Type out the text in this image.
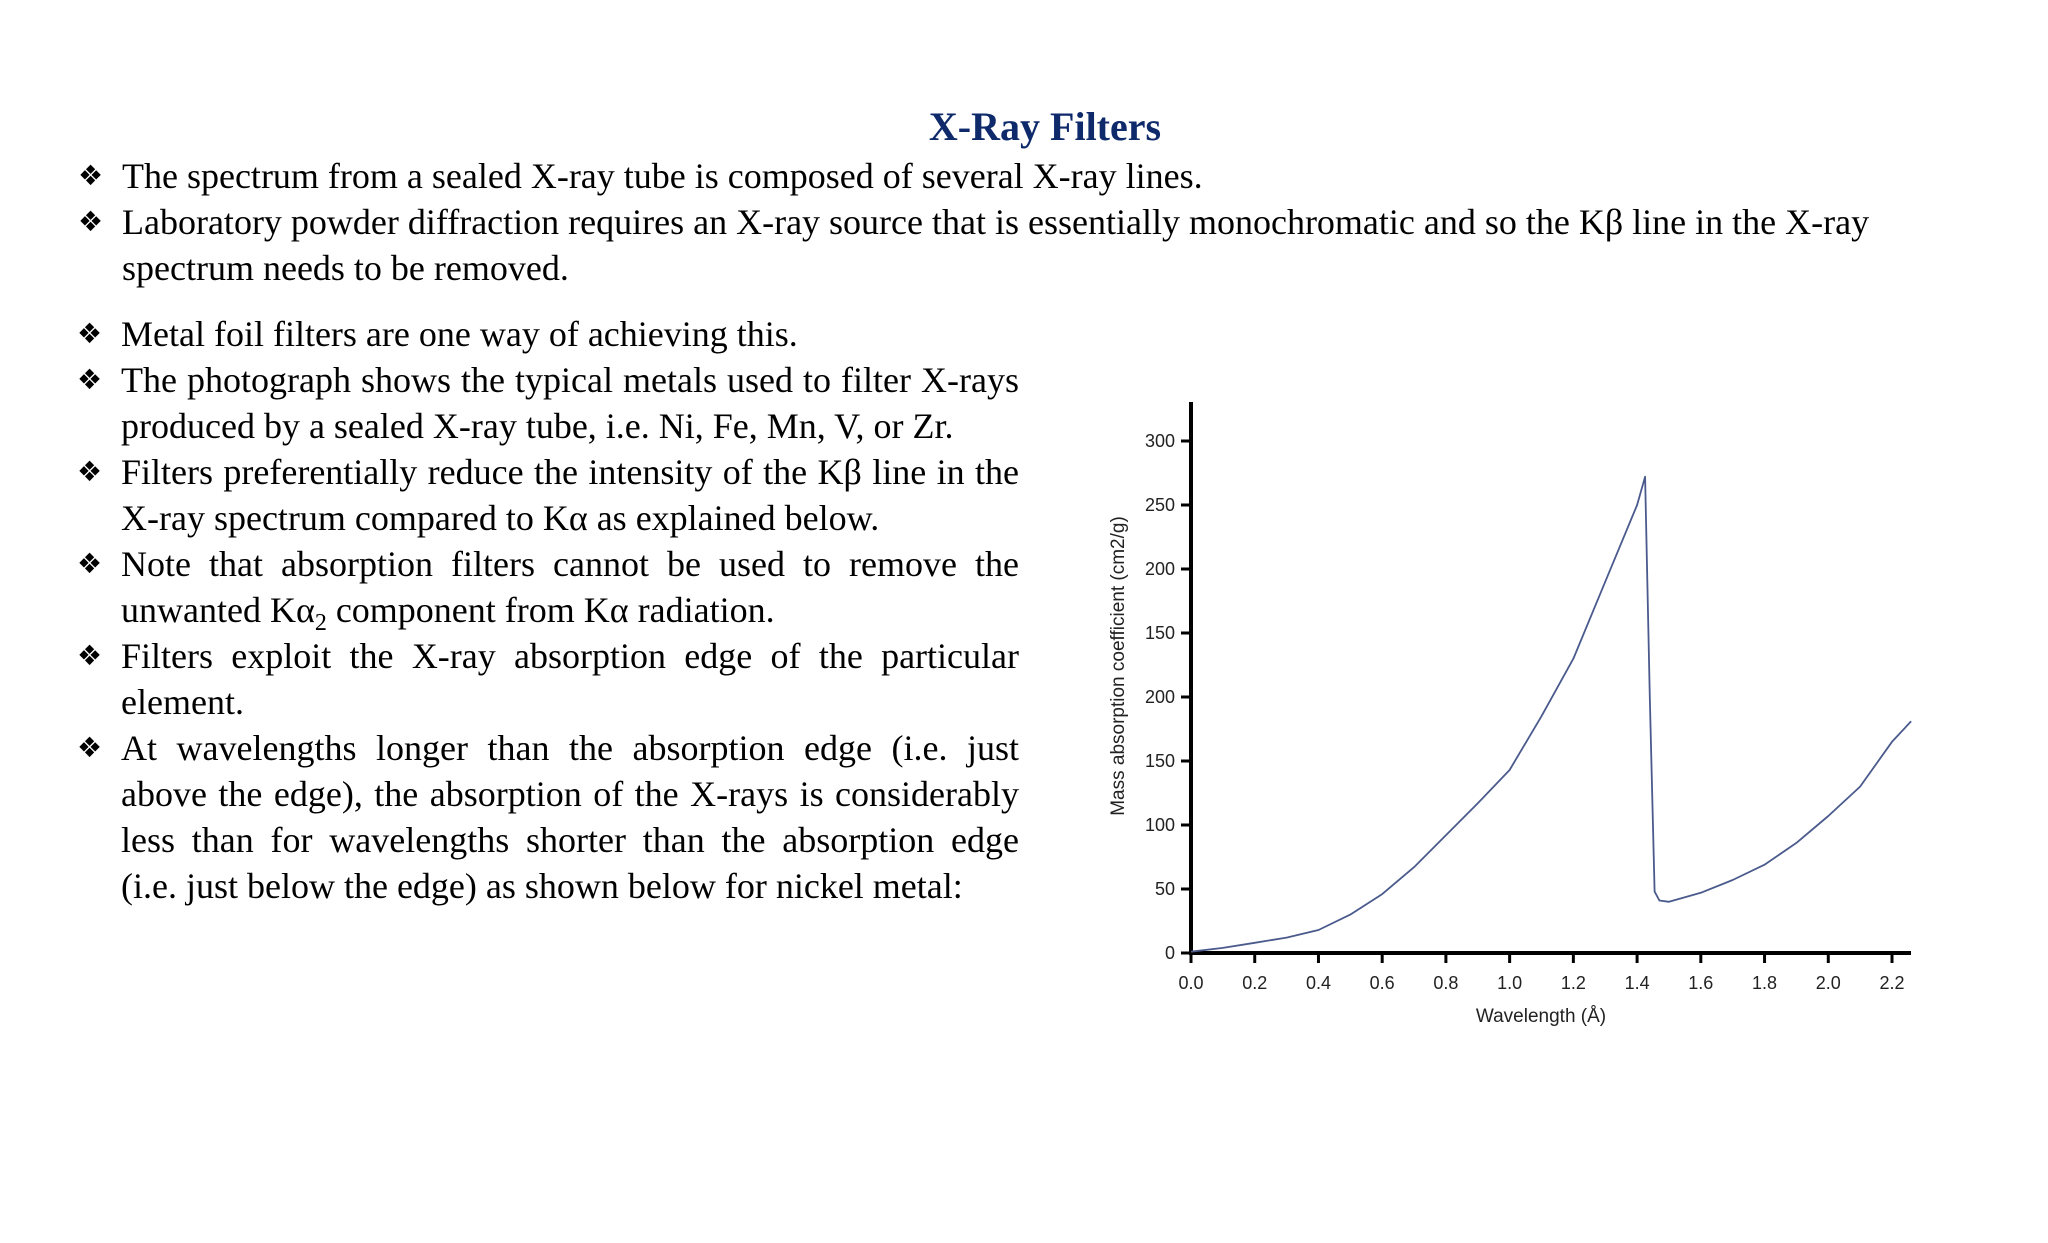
X-Ray Filters
❖ The spectrum from a sealed X-ray tube is composed of several X-ray lines.
❖ Laboratory powder diffraction requires an X-ray source that is essentially monochromatic and so the Kβ line in the X-ray spectrum needs to be removed.
❖ Metal foil filters are one way of achieving this.
❖ The photograph shows the typical metals used to filter X-rays produced by a sealed X-ray tube, i.e. Ni, Fe, Mn, V, or Zr.
❖ Filters preferentially reduce the intensity of the Kβ line in the X-ray spectrum compared to Kα as explained below.
❖ Note that absorption filters cannot be used to remove the unwanted $K\alpha_2$ component from Kα radiation.
❖ Filters exploit the X-ray absorption edge of the particular element.
❖ At wavelengths longer than the absorption edge (i.e. just above the edge), the absorption of the X-rays is considerably less than for wavelengths shorter than the absorption edge (i.e. just below the edge) as shown below for nickel metal:
0.0 0.2 0.4 0.6 0.8 1.0 1.2 1.4 1.6 1.8 2.0 2.2
0
50
100
150
200
150
200
250
300
Wavelength (Å)
Mass absorption coefficient (cm2/g)
